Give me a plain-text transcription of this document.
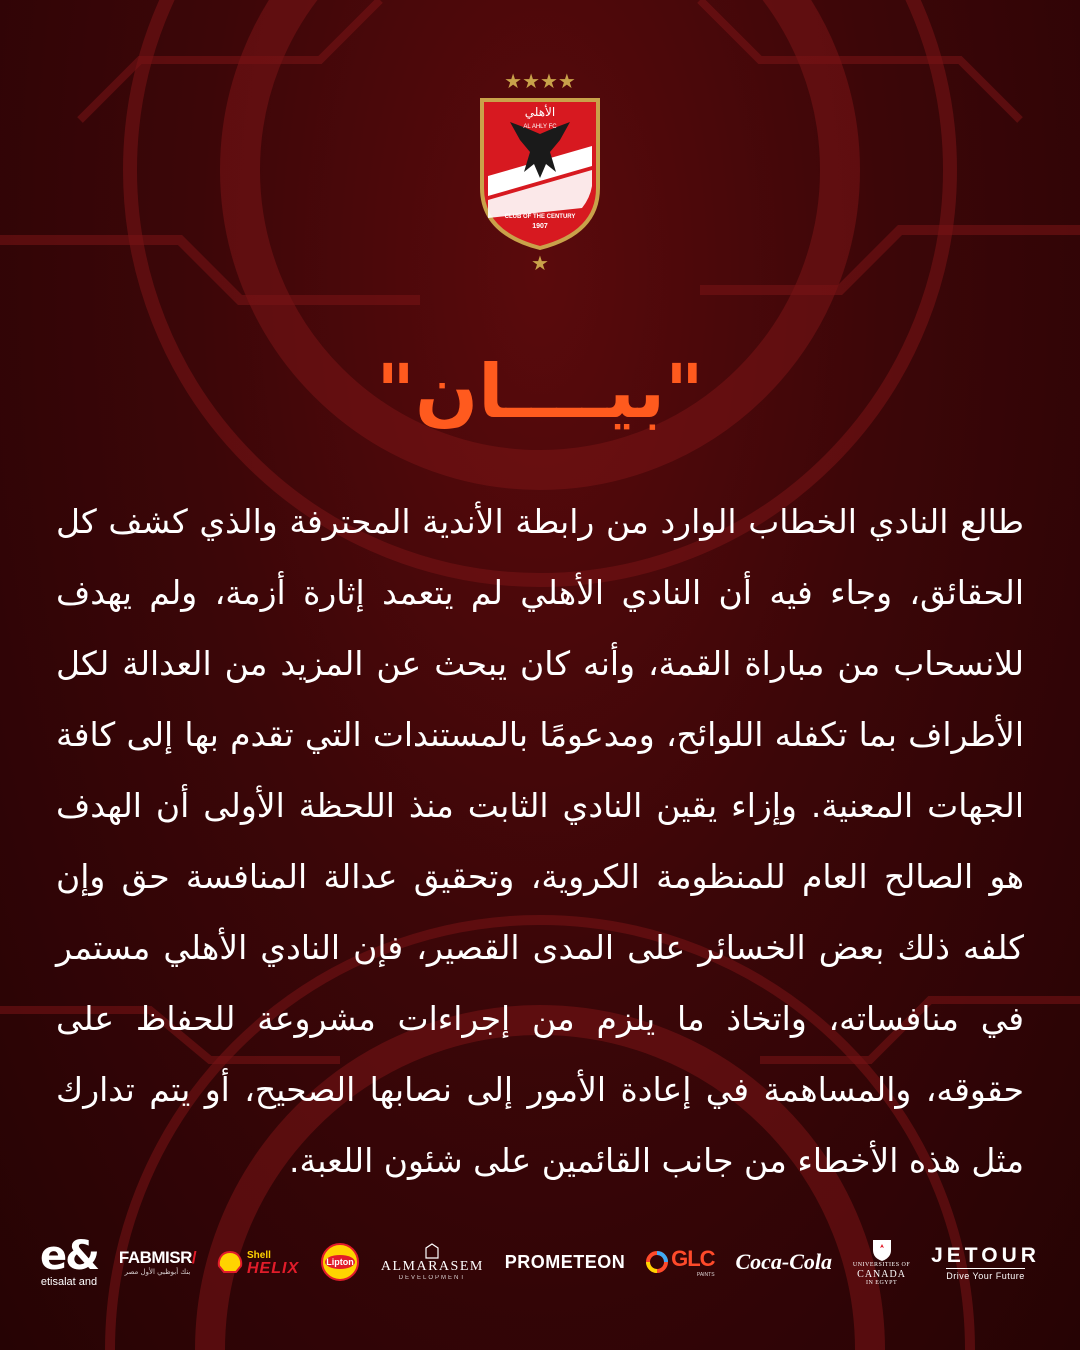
★★★★
الأهلي
AL AHLY FC
CLUB OF THE CENTURY
1907
★
"بيــــان"
طالع النادي الخطاب الوارد من رابطة الأندية المحترفة والذي كشف كل الحقائق، وجاء فيه أن النادي الأهلي لم يتعمد إثارة أزمة، ولم يهدف للانسحاب من مباراة القمة، وأنه كان يبحث عن المزيد من العدالة لكل الأطراف بما تكفله اللوائح، ومدعومًا بالمستندات التي تقدم بها إلى كافة الجهات المعنية. وإزاء يقين النادي الثابت منذ اللحظة الأولى أن الهدف هو الصالح العام للمنظومة الكروية، وتحقيق عدالة المنافسة حق وإن كلفه ذلك بعض الخسائر على المدى القصير، فإن النادي الأهلي مستمر في منافساته، واتخاذ ما يلزم من إجراءات مشروعة للحفاظ على حقوقه، والمساهمة في إعادة الأمور إلى نصابها الصحيح، أو يتم تدارك مثل هذه الأخطاء من جانب القائمين على شئون اللعبة.
e&
etisalat and
FABMISR/
بنك أبوظبي الأول مصر
Shell
HELIX	Lipton ALMARASEM
DEVELOPMENT
PROMETEON GLC
PAINTS
Coca-Cola	UNIVERSITIES OF
CANADA
IN EGYPT
JETOUR
Drive Your Future
